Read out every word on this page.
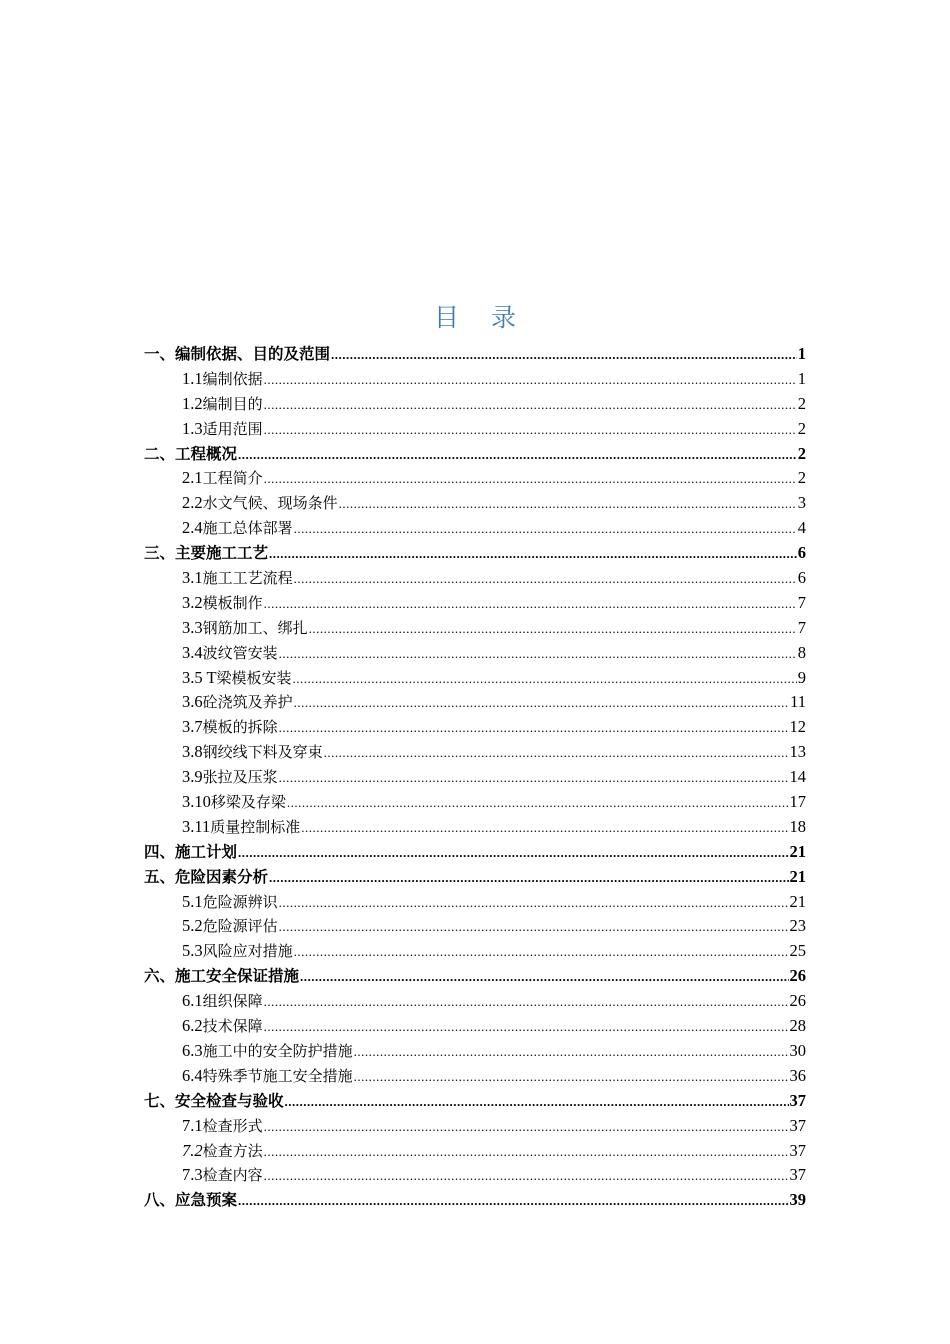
目 录
一、编制依据、目的及范围 .....	1
1.1 编制依据 .....	1
1.2 编制目的 .....	2
1.3 适用范围 .....	2
二、工程概况 .....	2
2.1 工程简介 .....	2
2.2 水文气候、现场条件 .....	3
2.4 施工总体部署 .....	4
三、主要施工工艺 .....	6
3.1 施工工艺流程 .....	6
3.2 模板制作 .....	7
3.3 钢筋加工、绑扎 .....	7
3.4 波纹管安装 .....	8
3.5 T 梁模板安装 .....	9
3.6 砼浇筑及养护 .....	11
3.7 模板的拆除 .....	12
3.8 钢绞线下料及穿束 .....	13
3.9 张拉及压浆 .....	14
3.10 移梁及存梁 .....	17
3.11 质量控制标准 .....	18
四、施工计划 .....	21
五、危险因素分析 .....	21
5.1 危险源辨识 .....	21
5.2 危险源评估 .....	23
5.3 风险应对措施 .....	25
六、施工安全保证措施 .....	26
6.1 组织保障 .....	26
6.2 技术保障 .....	28
6.3 施工中的安全防护措施 .....	30
6.4 特殊季节施工安全措施 .....	36
七、安全检查与验收 .....	37
7.1 检查形式 .....	37
7.2 检查方法 .....	37
7.3 检查内容 .....	37
八、应急预案 .....	39
